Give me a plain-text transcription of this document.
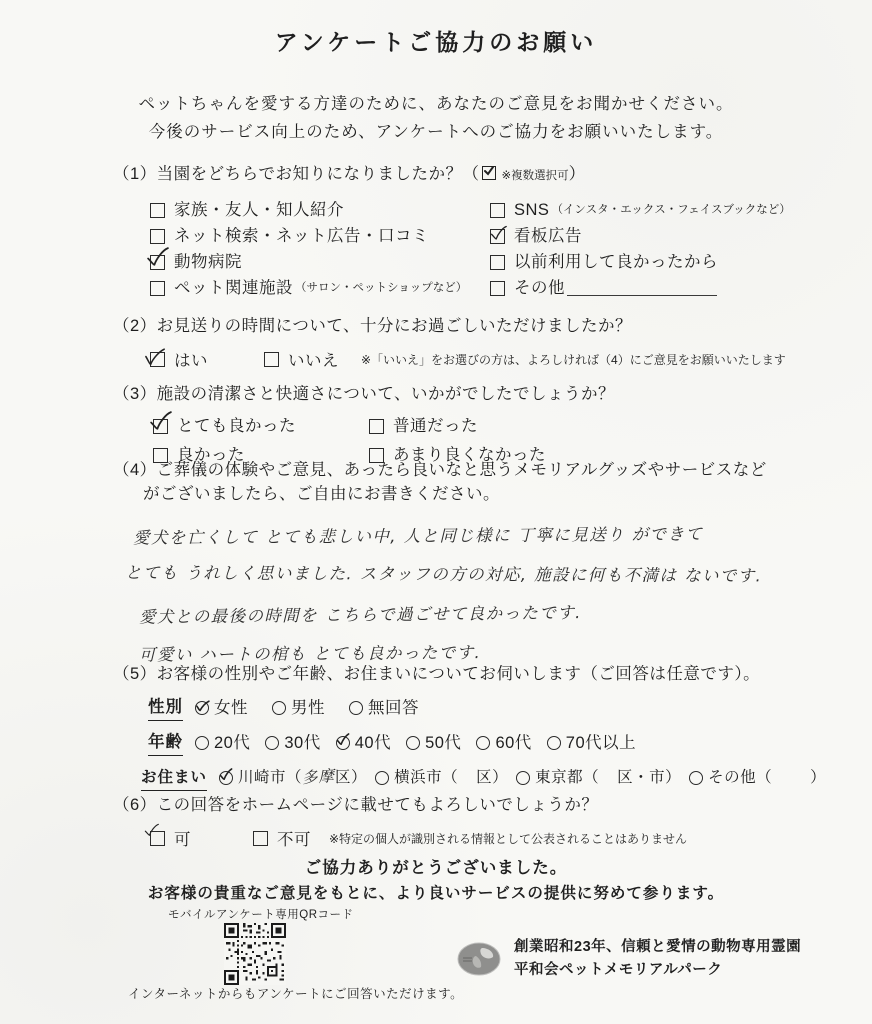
アンケートご協力のお願い
ペットちゃんを愛する方達のために、あなたのご意見をお聞かせください。
今後のサービス向上のため、アンケートへのご協力をお願いいたします。
（1）当園をどちらでお知りになりましたか？（ ※複数選択可）
家族・友人・知人紹介	SNS （インスタ・エックス・フェイスブックなど）
ネット検索・ネット広告・口コミ	看板広告
動物病院	以前利用して良かったから
ペット関連施設 （サロン・ペットショップなど）	その他
（2）お見送りの時間について、十分にお過ごしいただけましたか？
はい	いいえ ※「いいえ」をお選びの方は、よろしければ（4）にご意見をお願いいたします
（3）施設の清潔さと快適さについて、いかがでしたでしょうか？
とても良かった	普通だった
良かった	あまり良くなかった
（4）ご葬儀の体験やご意見、あったら良いなと思うメモリアルグッズやサービスなど
がございましたら、ご自由にお書きください。
愛犬を亡くして とても悲しい中, 人と同じ様に 丁寧に見送り ができて
とても うれしく思いました. スタッフの方の対応, 施設に何も不満は ないです.
愛犬との最後の時間を こちらで過ごせて良かったです.
可愛い ハートの棺も とても良かったです.
（5）お客様の性別やご年齢、お住まいについてお伺いします（ご回答は任意です）。
性別 女性	男性	無回答
年齢 20代 30代 40代 50代 60代 70代以上
お住まい 川崎市（ 多摩 区） 横浜市（ 区） 東京都（ 区・市） その他（ ）
（6）この回答をホームページに載せてもよろしいでしょうか？
可	不可 ※特定の個人が識別される情報として公表されることはありません
ご協力ありがとうございました。
お客様の貴重なご意見をもとに、より良いサービスの提供に努めて参ります。
モバイルアンケート専用QRコード
インターネットからもアンケートにご回答いただけます。
創業昭和23年、信頼と愛情の動物専用霊園
平和会ペットメモリアルパーク
